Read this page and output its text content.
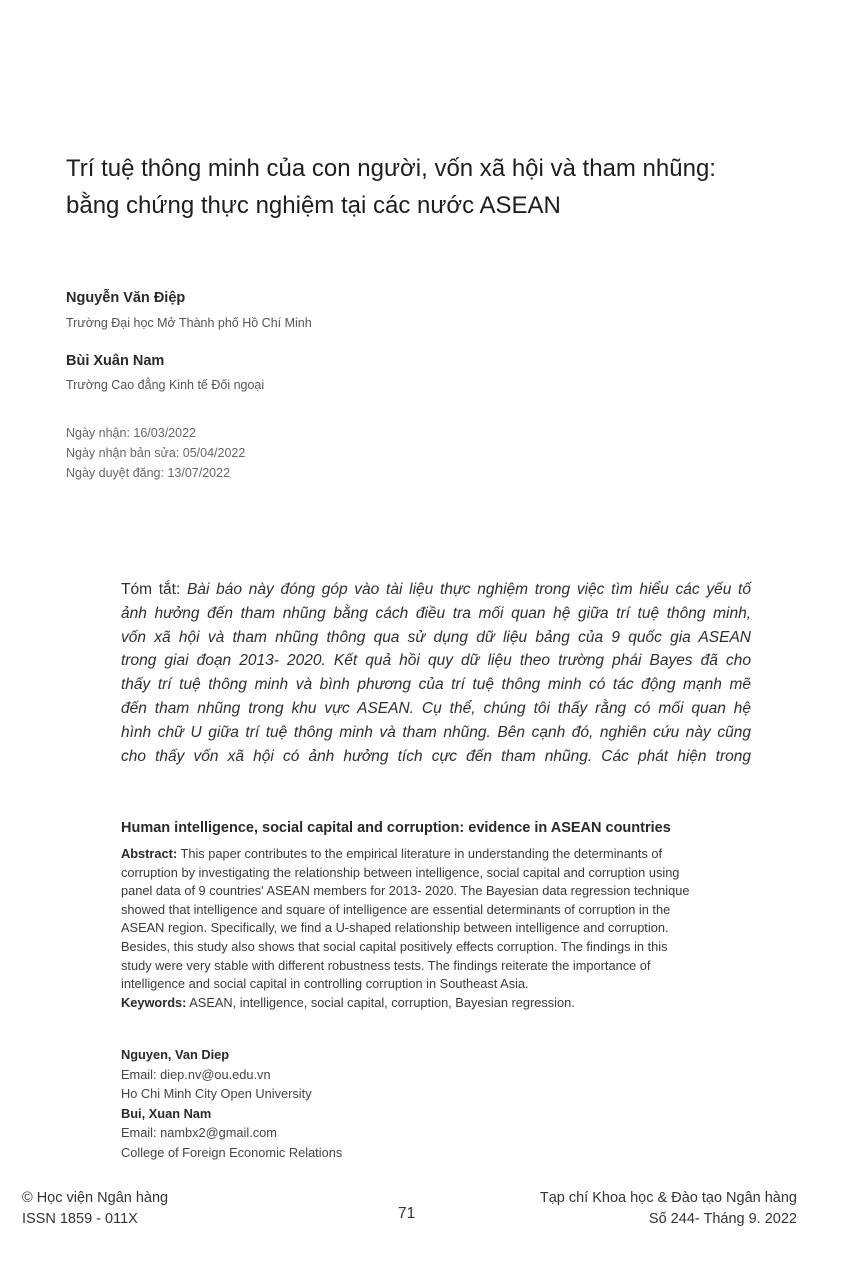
Trí tuệ thông minh của con người, vốn xã hội và tham nhũng:
bằng chứng thực nghiệm tại các nước ASEAN
Nguyễn Văn Điệp
Trường Đại học Mở Thành phố Hồ Chí Minh
Bùi Xuân Nam
Trường Cao đẳng Kinh tế Đối ngoại
Ngày nhận: 16/03/2022
Ngày nhận bản sửa: 05/04/2022
Ngày duyệt đăng: 13/07/2022
Tóm tắt: Bài báo này đóng góp vào tài liệu thực nghiệm trong việc tìm hiểu các yếu tố
ảnh hưởng đến tham nhũng bằng cách điều tra mối quan hệ giữa trí tuệ thông minh,
vốn xã hội và tham nhũng thông qua sử dụng dữ liệu bảng của 9 quốc gia ASEAN
trong giai đoạn 2013- 2020. Kết quả hồi quy dữ liệu theo trường phái Bayes đã cho
thấy trí tuệ thông minh và bình phương của trí tuệ thông minh có tác động mạnh mẽ
đến tham nhũng trong khu vực ASEAN. Cụ thể, chúng tôi thấy rằng có mối quan hệ
hình chữ U giữa trí tuệ thông minh và tham nhũng. Bên cạnh đó, nghiên cứu này cũng
cho thấy vốn xã hội có ảnh hưởng tích cực đến tham nhũng. Các phát hiện trong
Human intelligence, social capital and corruption: evidence in ASEAN countries
Abstract: This paper contributes to the empirical literature in understanding the determinants of
corruption by investigating the relationship between intelligence, social capital and corruption using
panel data of 9 countries' ASEAN members for 2013- 2020. The Bayesian data regression technique
showed that intelligence and square of intelligence are essential determinants of corruption in the
ASEAN region. Specifically, we find a U-shaped relationship between intelligence and corruption.
Besides, this study also shows that social capital positively effects corruption. The findings in this
study were very stable with different robustness tests. The findings reiterate the importance of
intelligence and social capital in controlling corruption in Southeast Asia.
Keywords: ASEAN, intelligence, social capital, corruption, Bayesian regression.
Nguyen, Van Diep
Email: diep.nv@ou.edu.vn
Ho Chi Minh City Open University
Bui, Xuan Nam
Email: nambx2@gmail.com
College of Foreign Economic Relations
© Học viện Ngân hàng
ISSN 1859 - 011X	71
Tạp chí Khoa học & Đào tạo Ngân hàng
Số 244- Tháng 9. 2022
